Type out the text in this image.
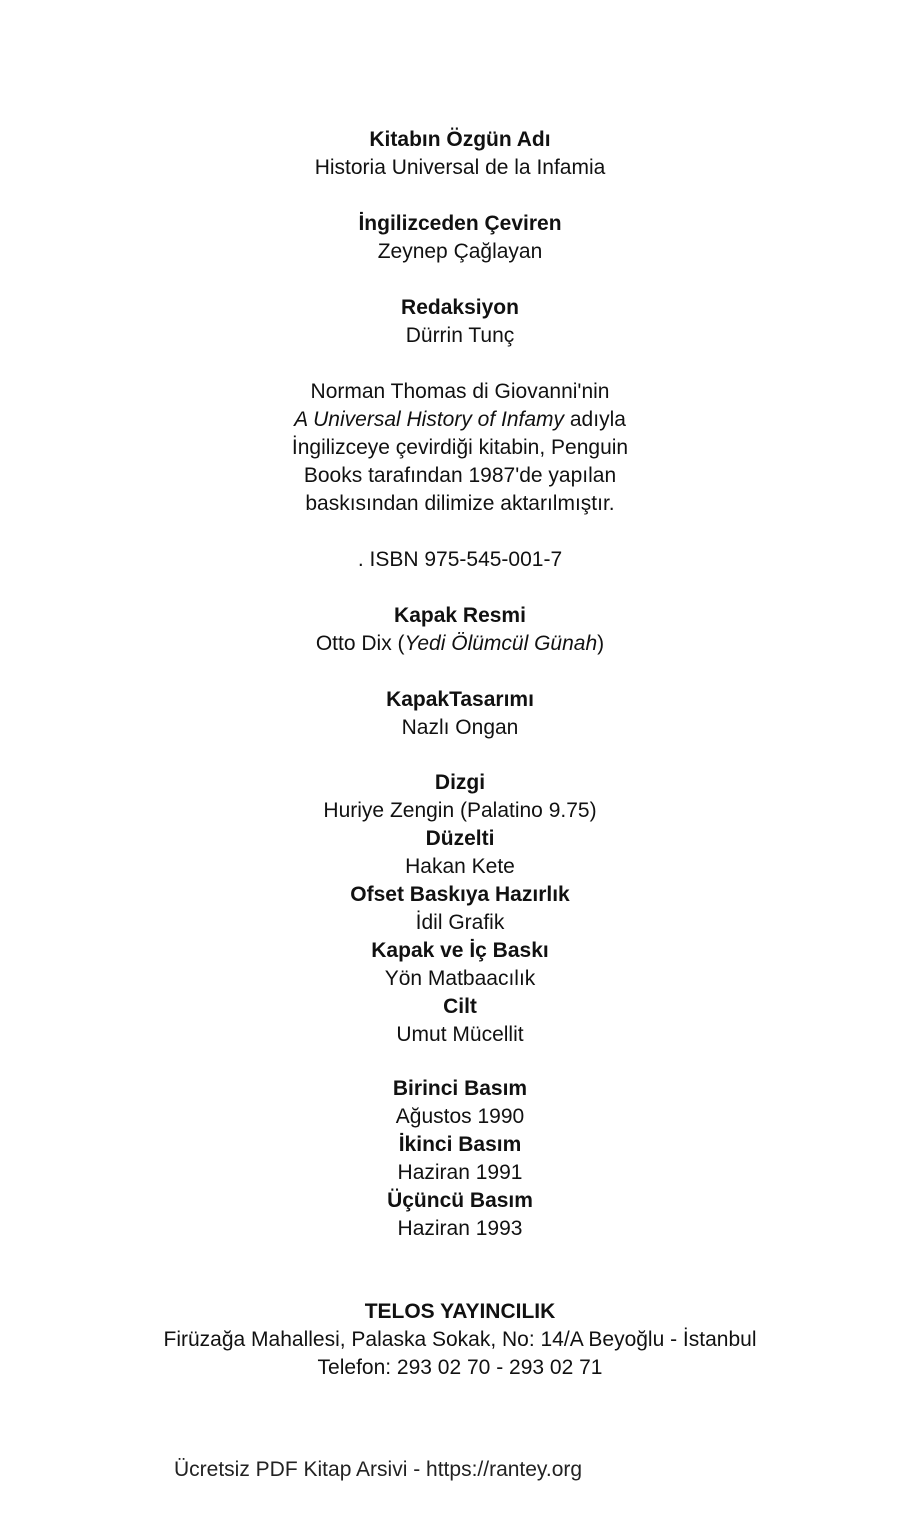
Kitabın Özgün Adı
Historia Universal de la Infamia
İngilizceden Çeviren
Zeynep Çağlayan
Redaksiyon
Dürrin Tunç
Norman Thomas di Giovanni'nin
A Universal History of Infamy adıyla
İngilizceye çevirdiği kitabin, Penguin
Books tarafından 1987'de yapılan
baskısından dilimize aktarılmıştır.
. ISBN 975-545-001-7
Kapak Resmi
Otto Dix (Yedi Ölümcül Günah)
KapakTasarımı
Nazlı Ongan
Dizgi
Huriye Zengin (Palatino 9.75)
Düzelti
Hakan Kete
Ofset Baskıya Hazırlık
İdil Grafik
Kapak ve İç Baskı
Yön Matbaacılık
Cilt
Umut Mücellit
Birinci Basım
Ağustos 1990
İkinci Basım
Haziran 1991
Üçüncü Basım
Haziran 1993
TELOS YAYINCILIK
Firüzağa Mahallesi, Palaska Sokak, No: 14/A Beyoğlu - İstanbul
Telefon: 293 02 70 - 293 02 71
Ücretsiz PDF Kitap Arsivi - https://rantey.org
